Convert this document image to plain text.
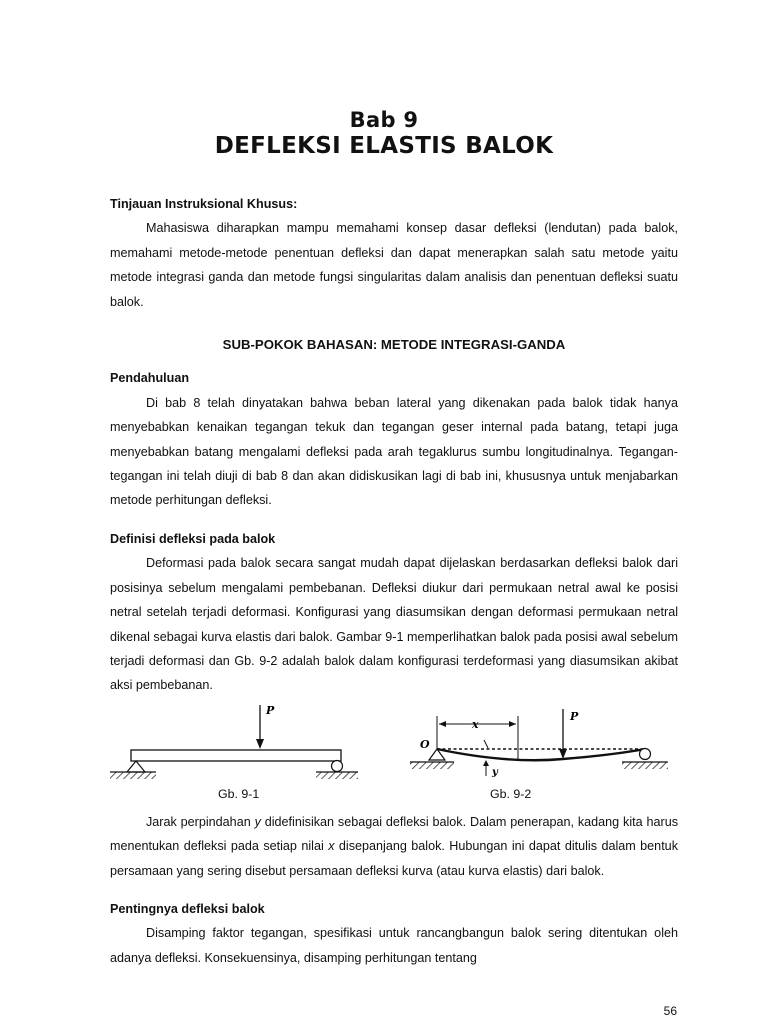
Bab 9
DEFLEKSI ELASTIS BALOK

Tinjauan Instruksional Khusus:

Mahasiswa diharapkan mampu memahami konsep dasar defleksi (lendutan) pada balok, memahami metode-metode penentuan defleksi dan dapat menerapkan salah satu metode yaitu metode integrasi ganda dan metode fungsi singularitas dalam analisis dan penentuan defleksi suatu balok.

SUB-POKOK BAHASAN: METODE INTEGRASI-GANDA

Pendahuluan

Di bab 8 telah dinyatakan bahwa beban lateral yang dikenakan pada balok tidak hanya menyebabkan kenaikan tegangan tekuk dan tegangan geser internal pada batang, tetapi juga menyebabkan batang mengalami defleksi pada arah tegaklurus sumbu longitudinalnya. Tegangan-tegangan ini telah diuji di bab 8 dan akan didiskusikan lagi di bab ini, khususnya untuk menjabarkan metode perhitungan defleksi.

Definisi defleksi pada balok

Deformasi pada balok secara sangat mudah dapat dijelaskan berdasarkan defleksi balok dari posisinya sebelum mengalami pembebanan. Defleksi diukur dari permukaan netral awal ke posisi netral setelah terjadi deformasi. Konfigurasi yang diasumsikan dengan deformasi permukaan netral dikenal sebagai kurva elastis dari balok. Gambar 9-1 memperlihatkan balok pada posisi awal sebelum terjadi deformasi dan Gb. 9-2 adalah balok dalam konfigurasi terdeformasi yang diasumsikan akibat aksi pembebanan.

P
Gb. 9-1
x
P
O
y
Gb. 9-2

Jarak perpindahan y didefinisikan sebagai defleksi balok. Dalam penerapan, kadang kita harus menentukan defleksi pada setiap nilai x disepanjang balok. Hubungan ini dapat ditulis dalam bentuk persamaan yang sering disebut persamaan defleksi kurva (atau kurva elastis) dari balok.

Pentingnya defleksi balok

Disamping faktor tegangan, spesifikasi untuk rancangbangun balok sering ditentukan oleh adanya defleksi. Konsekuensinya, disamping perhitungan tentang

56
